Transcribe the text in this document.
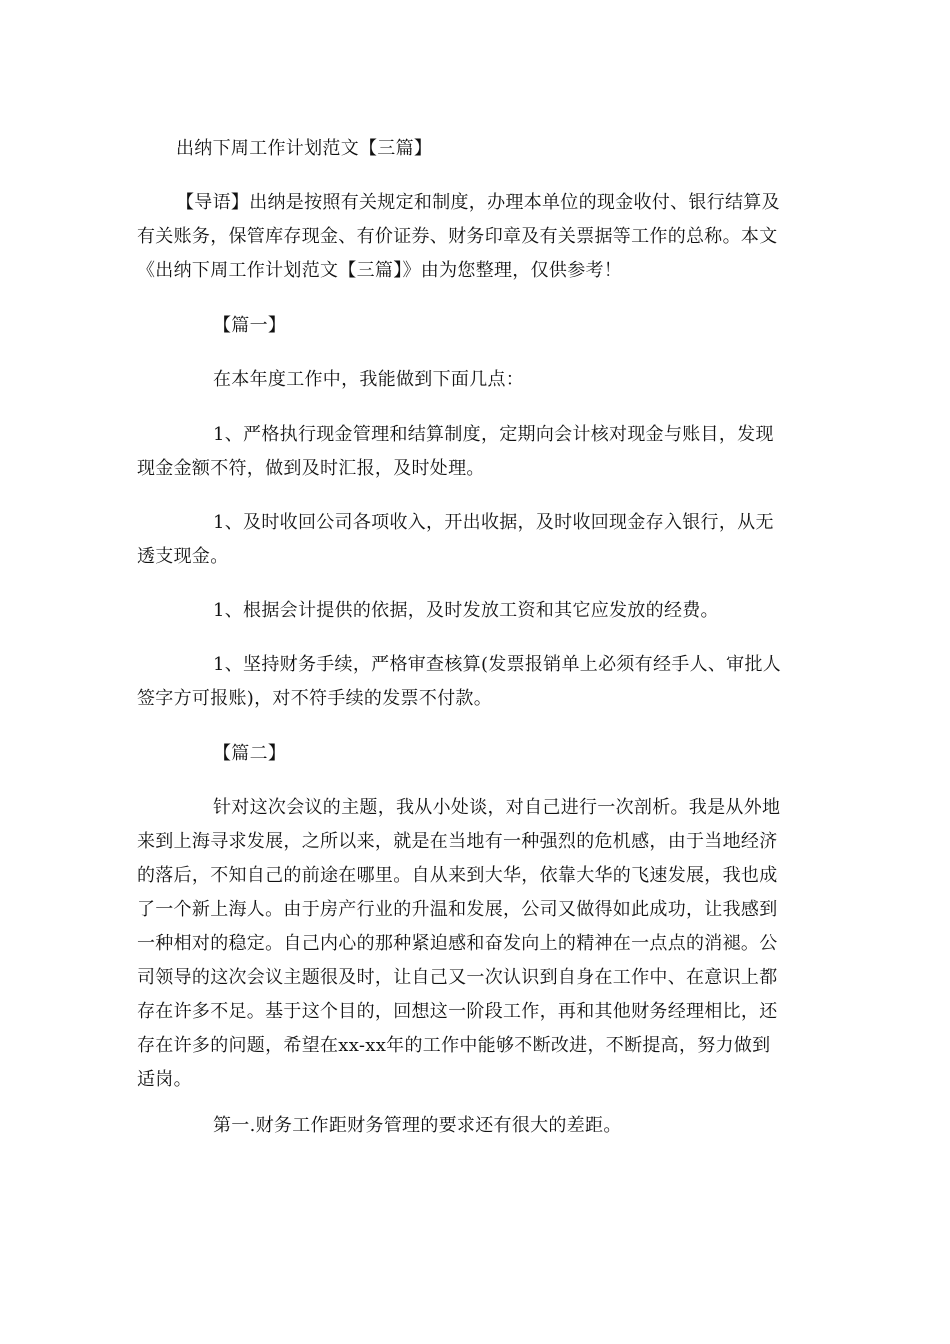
出纳下周工作计划范文【三篇】
【导语】出纳是按照有关规定和制度，办理本单位的现金收付、银行结算及
有关账务，保管库存现金、有价证券、财务印章及有关票据等工作的总称。本文
《出纳下周工作计划范文【三篇】》由为您整理，仅供参考！
【篇一】
在本年度工作中，我能做到下面几点：
1、严格执行现金管理和结算制度，定期向会计核对现金与账目，发现
现金金额不符，做到及时汇报，及时处理。
1、及时收回公司各项收入，开出收据，及时收回现金存入银行，从无
透支现金。
1、根据会计提供的依据，及时发放工资和其它应发放的经费。
1、坚持财务手续，严格审查核算(发票报销单上必须有经手人、审批人
签字方可报账)，对不符手续的发票不付款。
【篇二】
针对这次会议的主题，我从小处谈，对自己进行一次剖析。我是从外地
来到上海寻求发展，之所以来，就是在当地有一种强烈的危机感，由于当地经济
的落后，不知自己的前途在哪里。自从来到大华，依靠大华的飞速发展，我也成
了一个新上海人。由于房产行业的升温和发展，公司又做得如此成功，让我感到
一种相对的稳定。自己内心的那种紧迫感和奋发向上的精神在一点点的消褪。公
司领导的这次会议主题很及时，让自己又一次认识到自身在工作中、在意识上都
存在许多不足。基于这个目的，回想这一阶段工作，再和其他财务经理相比，还
存在许多的问题，希望在xx-xx年的工作中能够不断改进，不断提高，努力做到
适岗。
第一.财务工作距财务管理的要求还有很大的差距。
